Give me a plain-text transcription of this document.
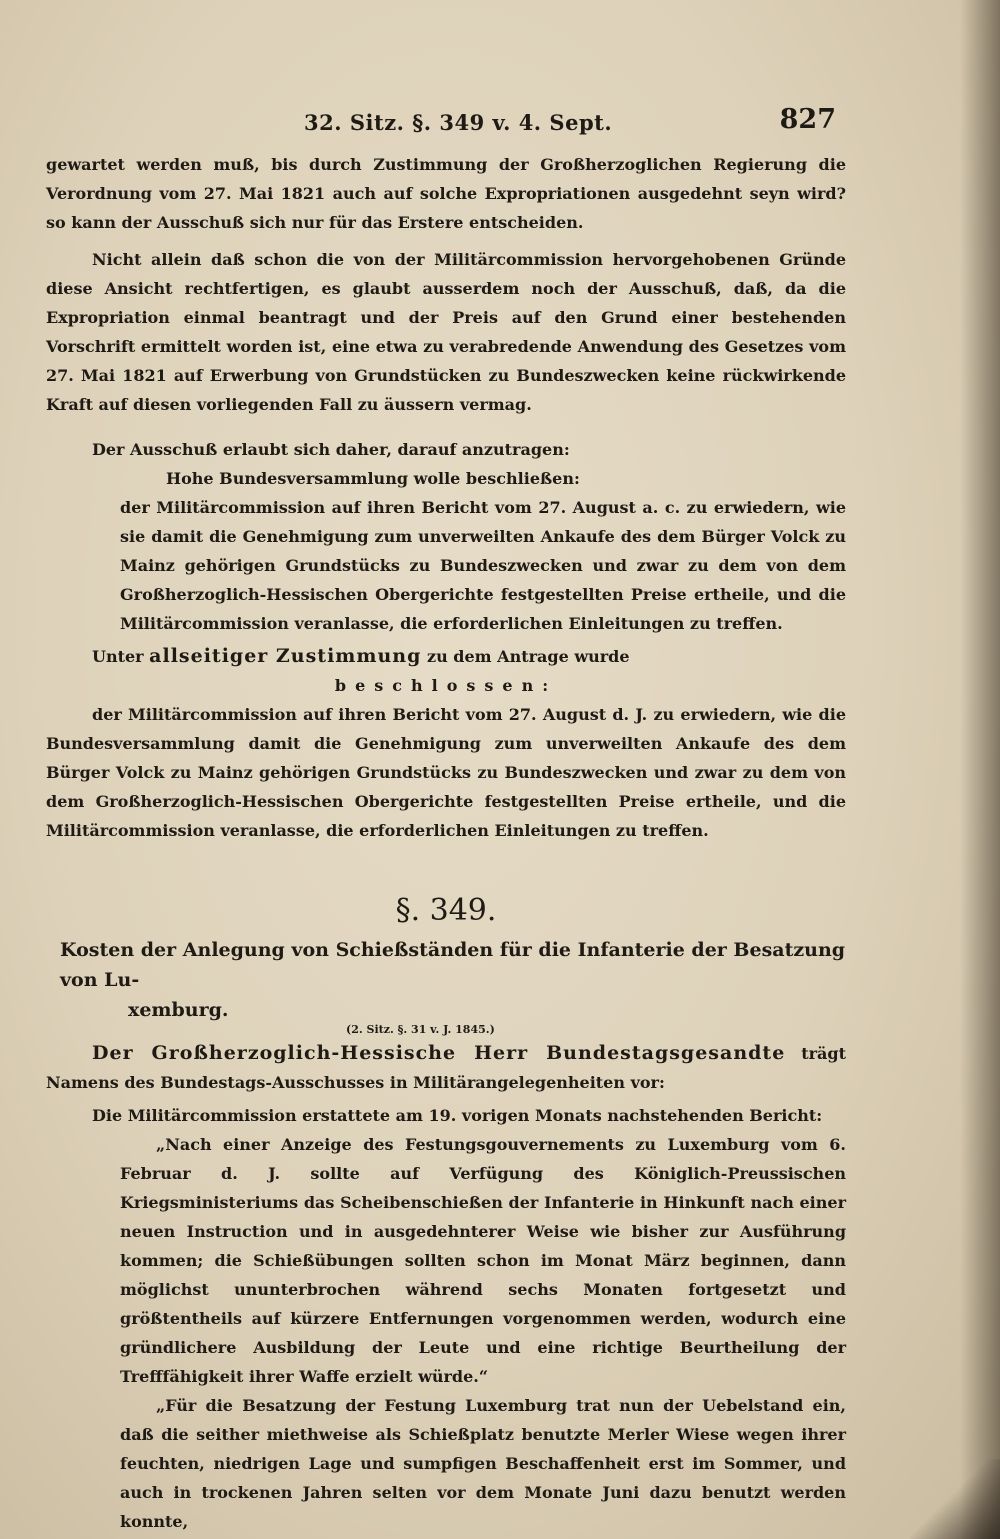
32. Sitz. §. 349 v. 4. Sept.	827

gewartet werden muß, bis durch Zustimmung der Großherzoglichen Regierung die Verordnung vom 27. Mai 1821 auch auf solche Expropriationen ausgedehnt seyn wird? so kann der Ausschuß sich nur für das Erstere entscheiden.

Nicht allein daß schon die von der Militärcommission hervorgehobenen Gründe diese Ansicht rechtfertigen, es glaubt ausserdem noch der Ausschuß, daß, da die Expropriation einmal beantragt und der Preis auf den Grund einer bestehenden Vorschrift ermittelt worden ist, eine etwa zu verabredende Anwendung des Gesetzes vom 27. Mai 1821 auf Erwerbung von Grundstücken zu Bundeszwecken keine rückwirkende Kraft auf diesen vorliegenden Fall zu äussern vermag.

Der Ausschuß erlaubt sich daher, darauf anzutragen:

Hohe Bundesversammlung wolle beschließen:

der Militärcommission auf ihren Bericht vom 27. August a. c. zu erwiedern, wie sie damit die Genehmigung zum unverweilten Ankaufe des dem Bürger Volck zu Mainz gehörigen Grundstücks zu Bundeszwecken und zwar zu dem von dem Großherzoglich-Hessischen Obergerichte festgestellten Preise ertheile, und die Militärcommission veranlasse, die erforderlichen Einleitungen zu treffen.

Unter allseitiger Zustimmung zu dem Antrage wurde

beschlossen:

der Militärcommission auf ihren Bericht vom 27. August d. J. zu erwiedern, wie die Bundesversammlung damit die Genehmigung zum unverweilten Ankaufe des dem Bürger Volck zu Mainz gehörigen Grundstücks zu Bundeszwecken und zwar zu dem von dem Großherzoglich-Hessischen Obergerichte festgestellten Preise ertheile, und die Militärcommission veranlasse, die erforderlichen Einleitungen zu treffen.

§. 349.

Kosten der Anlegung von Schießständen für die Infanterie der Besatzung von Lu-
xemburg.

(2. Sitz. §. 31 v. J. 1845.)

Der Großherzoglich-Hessische Herr Bundestagsgesandte trägt Namens des Bundestags-Ausschusses in Militärangelegenheiten vor:

Die Militärcommission erstattete am 19. vorigen Monats nachstehenden Bericht:

„Nach einer Anzeige des Festungsgouvernements zu Luxemburg vom 6. Februar d. J. sollte auf Verfügung des Königlich-Preussischen Kriegsministeriums das Scheibenschießen der Infanterie in Hinkunft nach einer neuen Instruction und in ausgedehnterer Weise wie bisher zur Ausführung kommen; die Schießübungen sollten schon im Monat März beginnen, dann möglichst ununterbrochen während sechs Monaten fortgesetzt und größtentheils auf kürzere Entfernungen vorgenommen werden, wodurch eine gründlichere Ausbildung der Leute und eine richtige Beurtheilung der Trefffähigkeit ihrer Waffe erzielt würde.“

„Für die Besatzung der Festung Luxemburg trat nun der Uebelstand ein, daß die seither miethweise als Schießplatz benutzte Merler Wiese wegen ihrer feuchten, niedrigen Lage und sumpfigen Beschaffenheit erst im Sommer, und auch in trockenen Jahren selten vor dem Monate Juni dazu benutzt werden konnte,
